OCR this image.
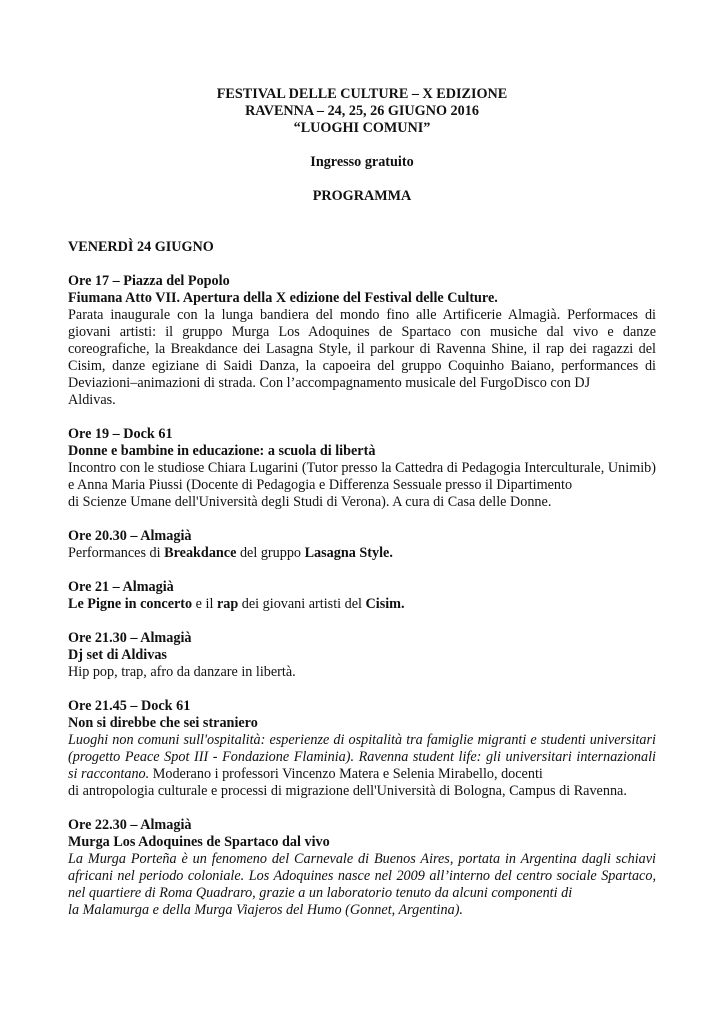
FESTIVAL DELLE CULTURE – X EDIZIONE
RAVENNA – 24, 25, 26 GIUGNO 2016
“LUOGHI COMUNI”
Ingresso gratuito
PROGRAMMA

VENERDÌ 24 GIUGNO

Ore 17 – Piazza del Popolo

Fiumana Atto VII. Apertura della X edizione del Festival delle Culture.

Parata inaugurale con la lunga bandiera del mondo fino alle Artificerie Almagià. Performaces di giovani artisti: il gruppo Murga Los Adoquines de Spartaco con musiche dal vivo e danze coreografiche, la Breakdance dei Lasagna Style, il parkour di Ravenna Shine, il rap dei ragazzi del Cisim, danze egiziane di Saidi Danza, la capoeira del gruppo Coquinho Baiano, performances di Deviazioni–animazioni di strada. Con l’accompagnamento musicale del FurgoDisco con DJ

Aldivas.

Ore 19 – Dock 61

Donne e bambine in educazione: a scuola di libertà

Incontro con le studiose Chiara Lugarini (Tutor presso la Cattedra di Pedagogia Interculturale, Unimib) e Anna Maria Piussi (Docente di Pedagogia e Differenza Sessuale presso il Dipartimento

di Scienze Umane dell'Università degli Studi di Verona). A cura di Casa delle Donne.

Ore 20.30 – Almagià

Performances di Breakdance del gruppo Lasagna Style.

Ore 21 – Almagià

Le Pigne in concerto e il rap dei giovani artisti del Cisim.

Ore 21.30 – Almagià

Dj set di Aldivas

Hip pop, trap, afro da danzare in libertà.

Ore 21.45 – Dock 61

Non si direbbe che sei straniero

Luoghi non comuni sull'ospitalità: esperienze di ospitalità tra famiglie migranti e studenti universitari (progetto Peace Spot III - Fondazione Flaminia). Ravenna student life: gli universitari internazionali si raccontano. Moderano i professori Vincenzo Matera e Selenia Mirabello, docenti

di antropologia culturale e processi di migrazione dell'Università di Bologna, Campus di Ravenna.

Ore 22.30 – Almagià

Murga Los Adoquines de Spartaco dal vivo

La Murga Porteña è un fenomeno del Carnevale di Buenos Aires, portata in Argentina dagli schiavi africani nel periodo coloniale. Los Adoquines nasce nel 2009 all’interno del centro sociale Spartaco, nel quartiere di Roma Quadraro, grazie a un laboratorio tenuto da alcuni componenti di

la Malamurga e della Murga Viajeros del Humo (Gonnet, Argentina).
